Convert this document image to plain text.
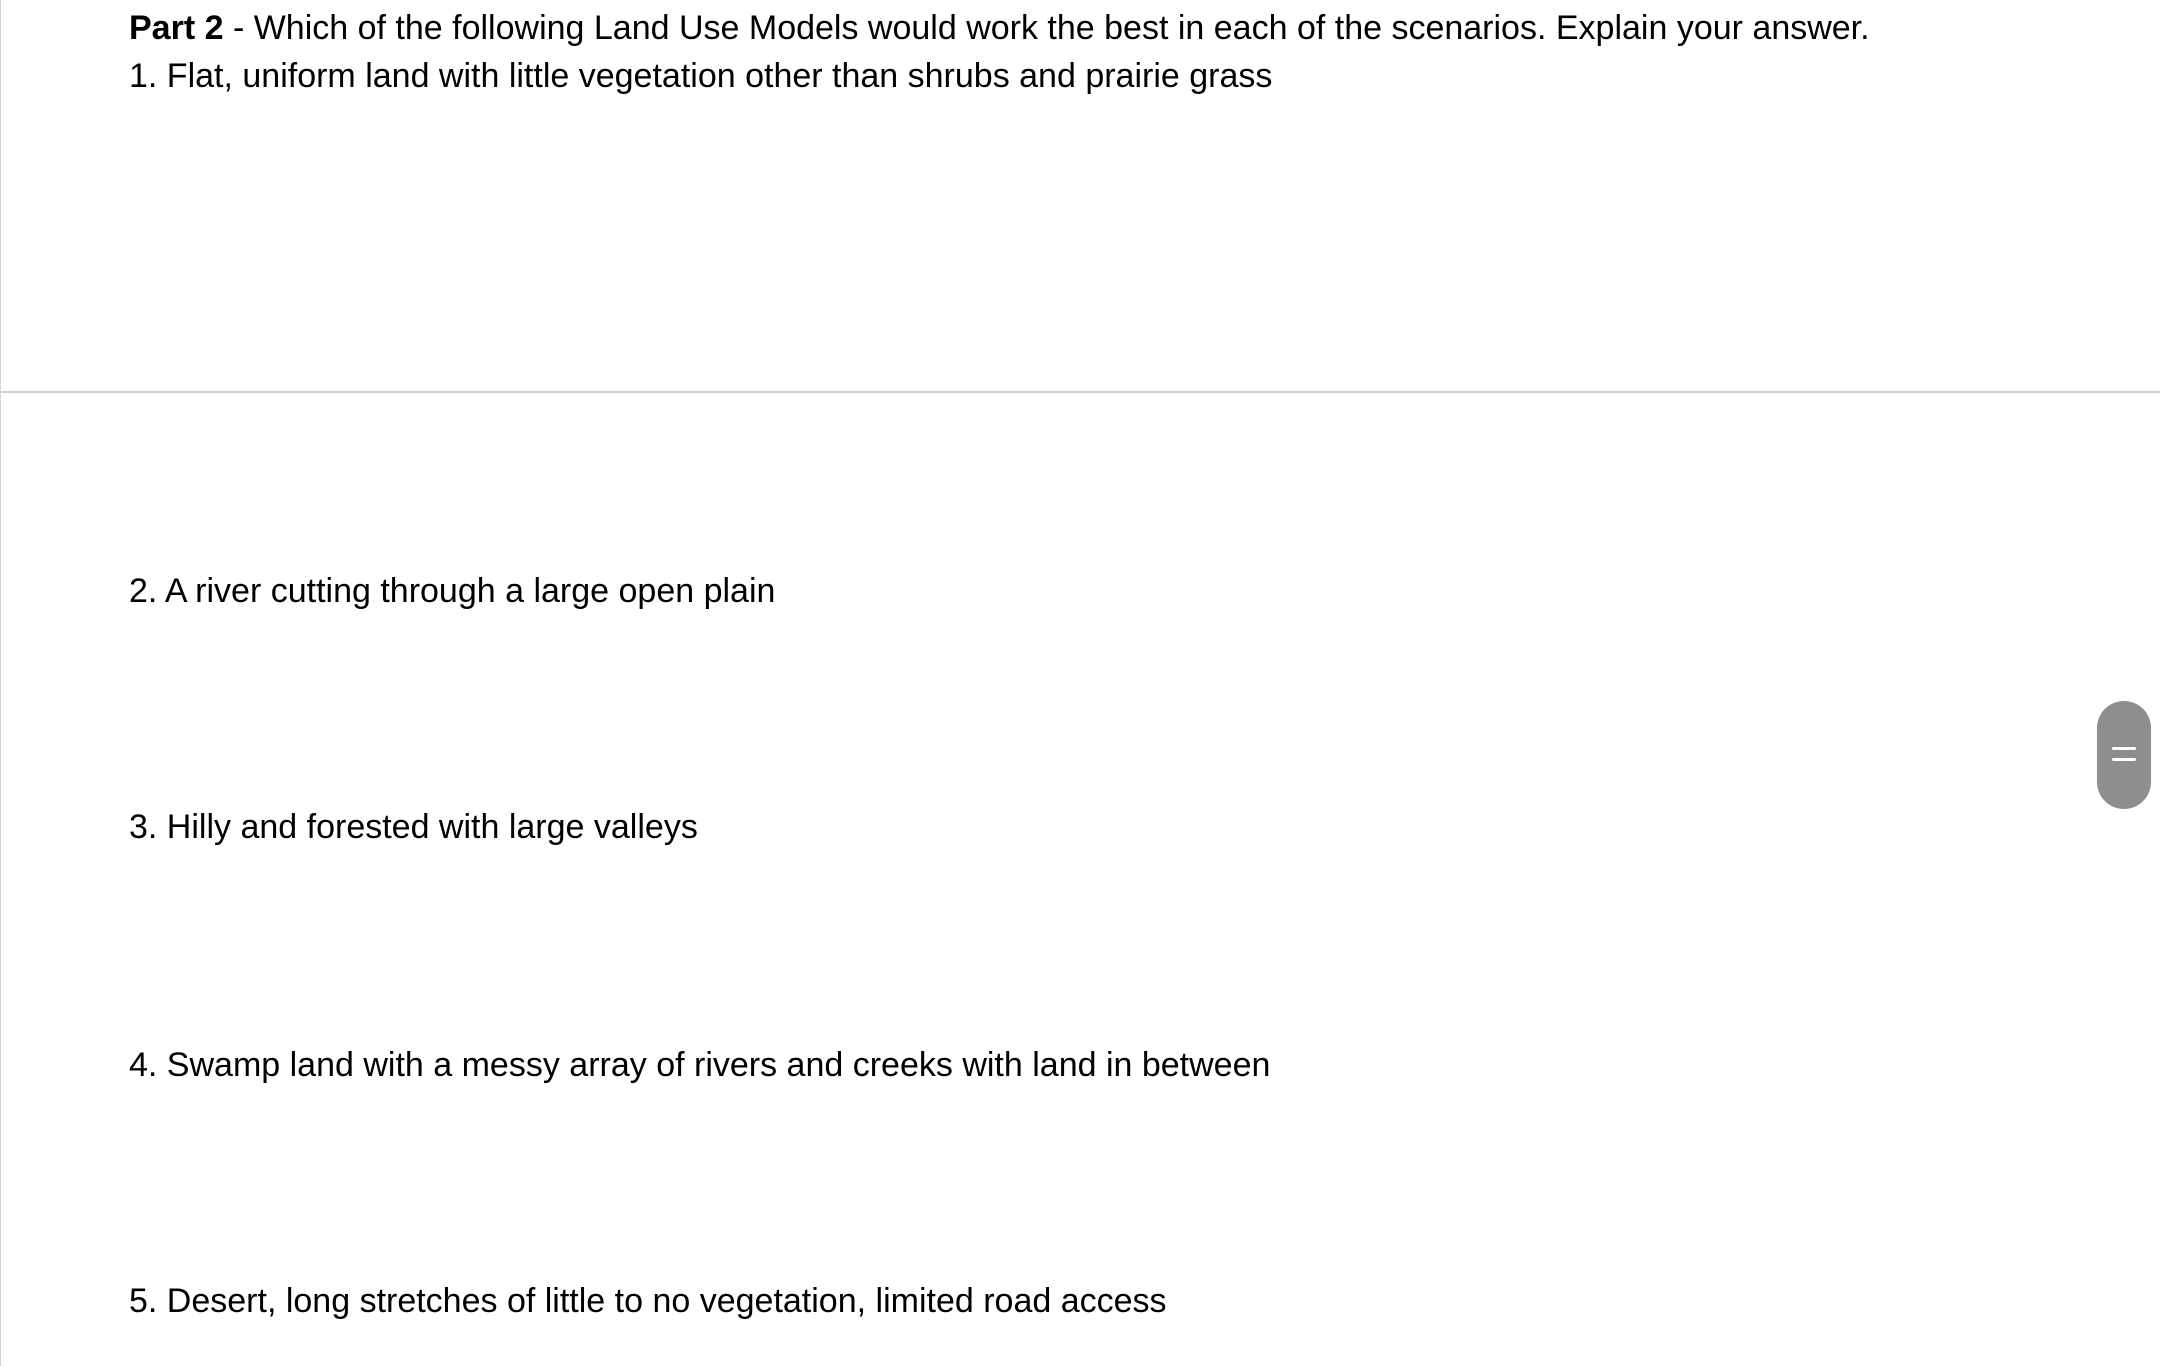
Part 2 - Which of the following Land Use Models would work the best in each of the scenarios. Explain your answer.
1. Flat, uniform land with little vegetation other than shrubs and prairie grass
2. A river cutting through a large open plain
3. Hilly and forested with large valleys
4. Swamp land with a messy array of rivers and creeks with land in between
5. Desert, long stretches of little to no vegetation, limited road access
